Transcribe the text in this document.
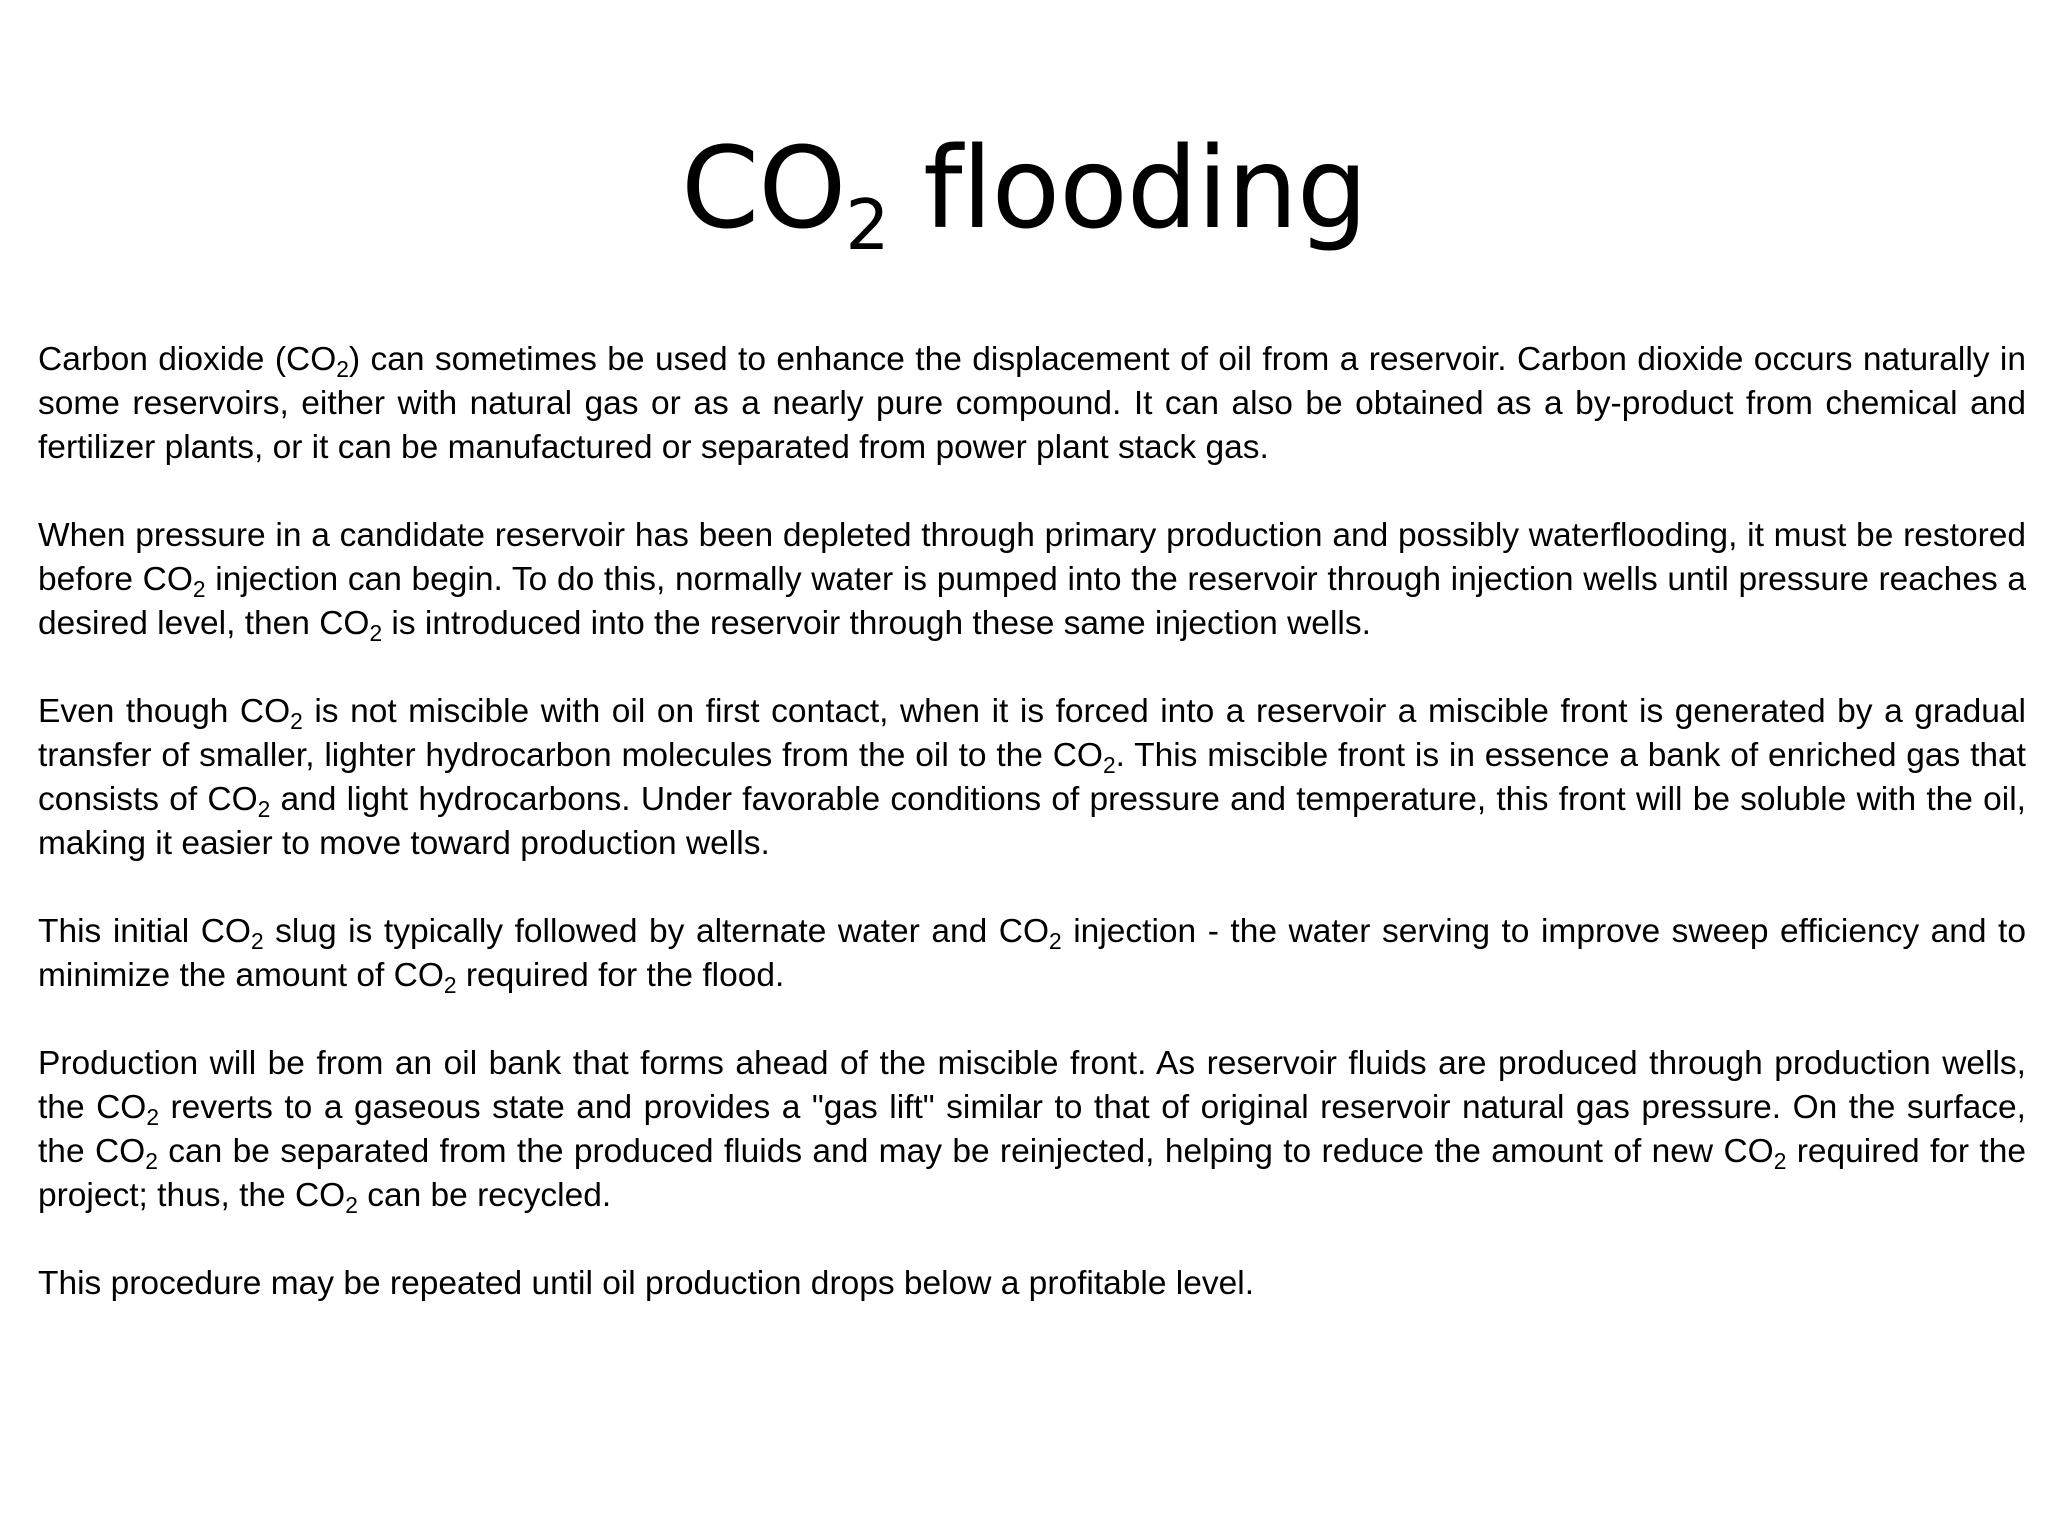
$CO_2$ flooding

Carbon dioxide $(CO_2)$ can sometimes be used to enhance the displacement of oil from a reservoir. Carbon dioxide occurs naturally in some reservoirs, either with natural gas or as a nearly pure compound. It can also be obtained as a by-product from chemical and fertilizer plants, or it can be manufactured or separated from power plant stack gas.

When pressure in a candidate reservoir has been depleted through primary production and possibly waterflooding, it must be restored before $CO_2$ injection can begin. To do this, normally water is pumped into the reservoir through injection wells until pressure reaches a desired level, then $CO_2$ is introduced into the reservoir through these same injection wells.

Even though $CO_2$ is not miscible with oil on first contact, when it is forced into a reservoir a miscible front is generated by a gradual transfer of smaller, lighter hydrocarbon molecules from the oil to the $CO_2$. This miscible front is in essence a bank of enriched gas that consists of $CO_2$ and light hydrocarbons. Under favorable conditions of pressure and temperature, this front will be soluble with the oil, making it easier to move toward production wells.

This initial $CO_2$ slug is typically followed by alternate water and $CO_2$ injection - the water serving to improve sweep efficiency and to minimize the amount of $CO_2$ required for the flood.

Production will be from an oil bank that forms ahead of the miscible front. As reservoir fluids are produced through production wells, the $CO_2$ reverts to a gaseous state and provides a "gas lift" similar to that of original reservoir natural gas pressure. On the surface, the $CO_2$ can be separated from the produced fluids and may be reinjected, helping to reduce the amount of new $CO_2$ required for the project; thus, the $CO_2$ can be recycled.

This procedure may be repeated until oil production drops below a profitable level.
